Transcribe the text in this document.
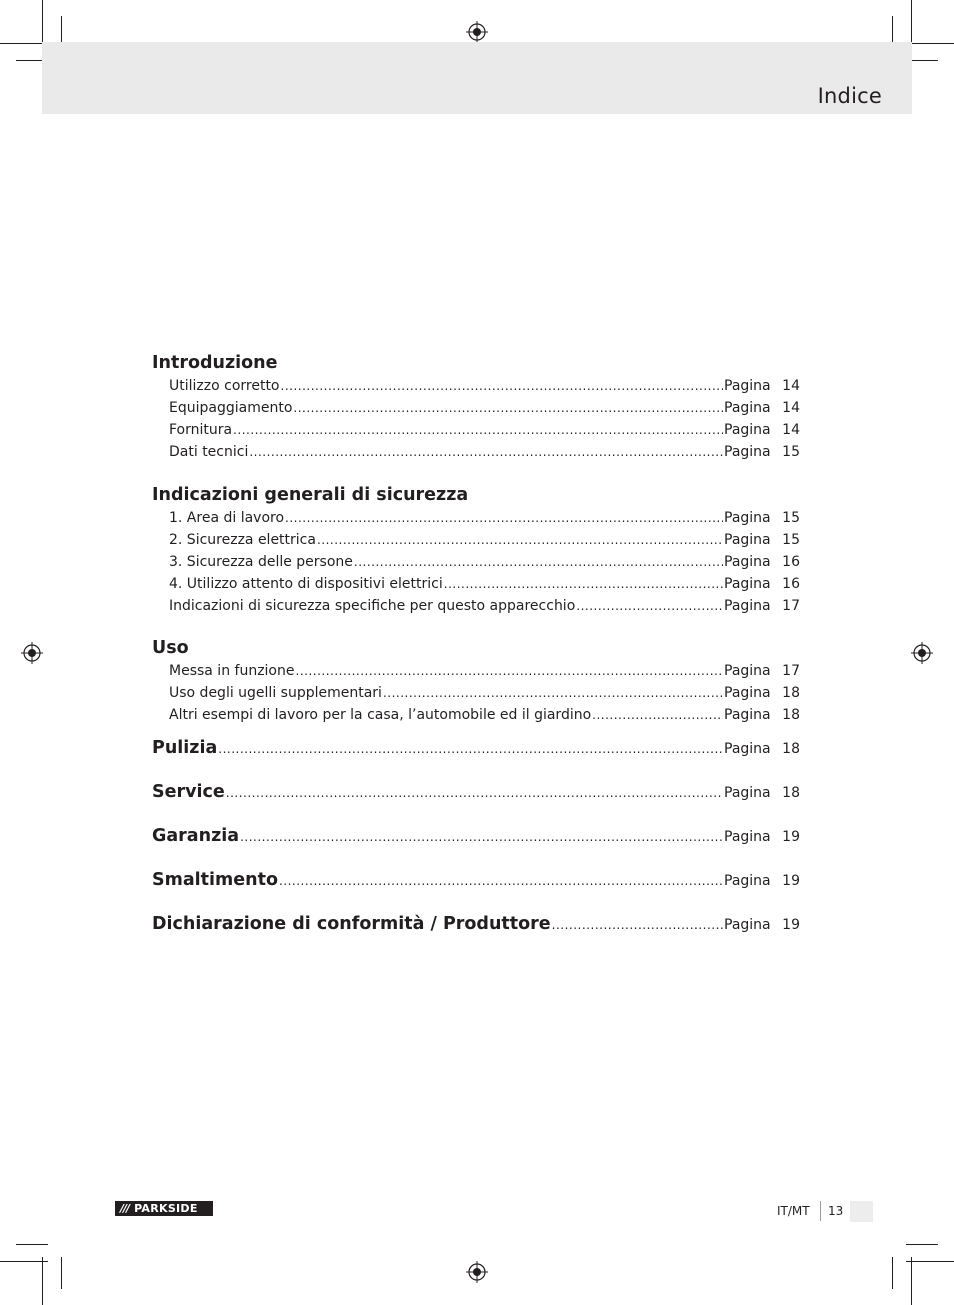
Indice
Introduzione
Utilizzo corretto .....	Pagina 14
Equipaggiamento .....	Pagina 14
Fornitura .....	Pagina 14
Dati tecnici .....	Pagina 15
Indicazioni generali di sicurezza
1. Area di lavoro .....	Pagina 15
2. Sicurezza elettrica .....	Pagina 15
3. Sicurezza delle persone .....	Pagina 16
4. Utilizzo attento di dispositivi elettrici .....	Pagina 16
Indicazioni di sicurezza specifiche per questo apparecchio .....	Pagina 17
Uso
Messa in funzione .....	Pagina 17
Uso degli ugelli supplementari .....	Pagina 18
Altri esempi di lavoro per la casa, l’automobile ed il giardino .....	Pagina 18
Pulizia .....	Pagina 18
Service .....	Pagina 18
Garanzia .....	Pagina 19
Smaltimento .....	Pagina 19
Dichiarazione di conformità / Produttore .....	Pagina 19
/// PARKSIDE	IT/MT 13
